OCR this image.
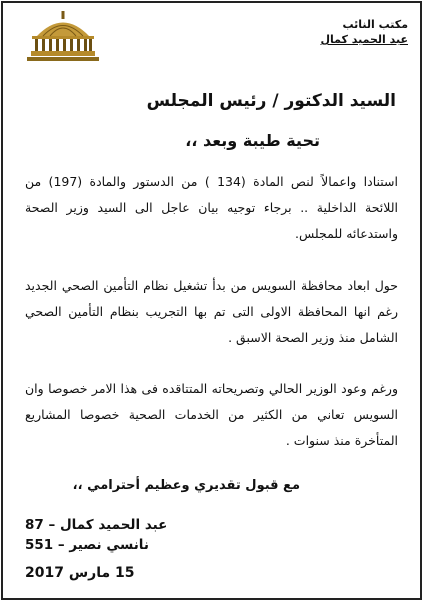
مكتب النائب

عبد الحميد كمال
السيد الدكتور / رئيس المجلس
تحية طيبة وبعد ،،
استنادا واعمالاً لنص المادة (134 ) من الدستور والمادة (197) من اللائحة الداخلية .. برجاء توجيه بيان عاجل الى السيد وزير الصحة واستدعائه للمجلس.
حول ابعاد محافظة السويس من بدأ تشغيل نظام التأمين الصحي الجديد رغم انها المحافظة الاولى التى تم بها التجريب بنظام التأمين الصحي الشامل منذ وزير الصحة الاسبق .
ورغم وعود الوزير الحالي وتصريحاته المتتاقده فى هذا الامر خصوصا وان السويس تعاني من الكثير من الخدمات الصحية خصوصا المشاريع المتأخرة منذ سنوات .
مع قبول تقديري وعظيم أحترامي ،،
عبد الحميد كمال – 87
نانسي نصير – 551
15 مارس 2017
